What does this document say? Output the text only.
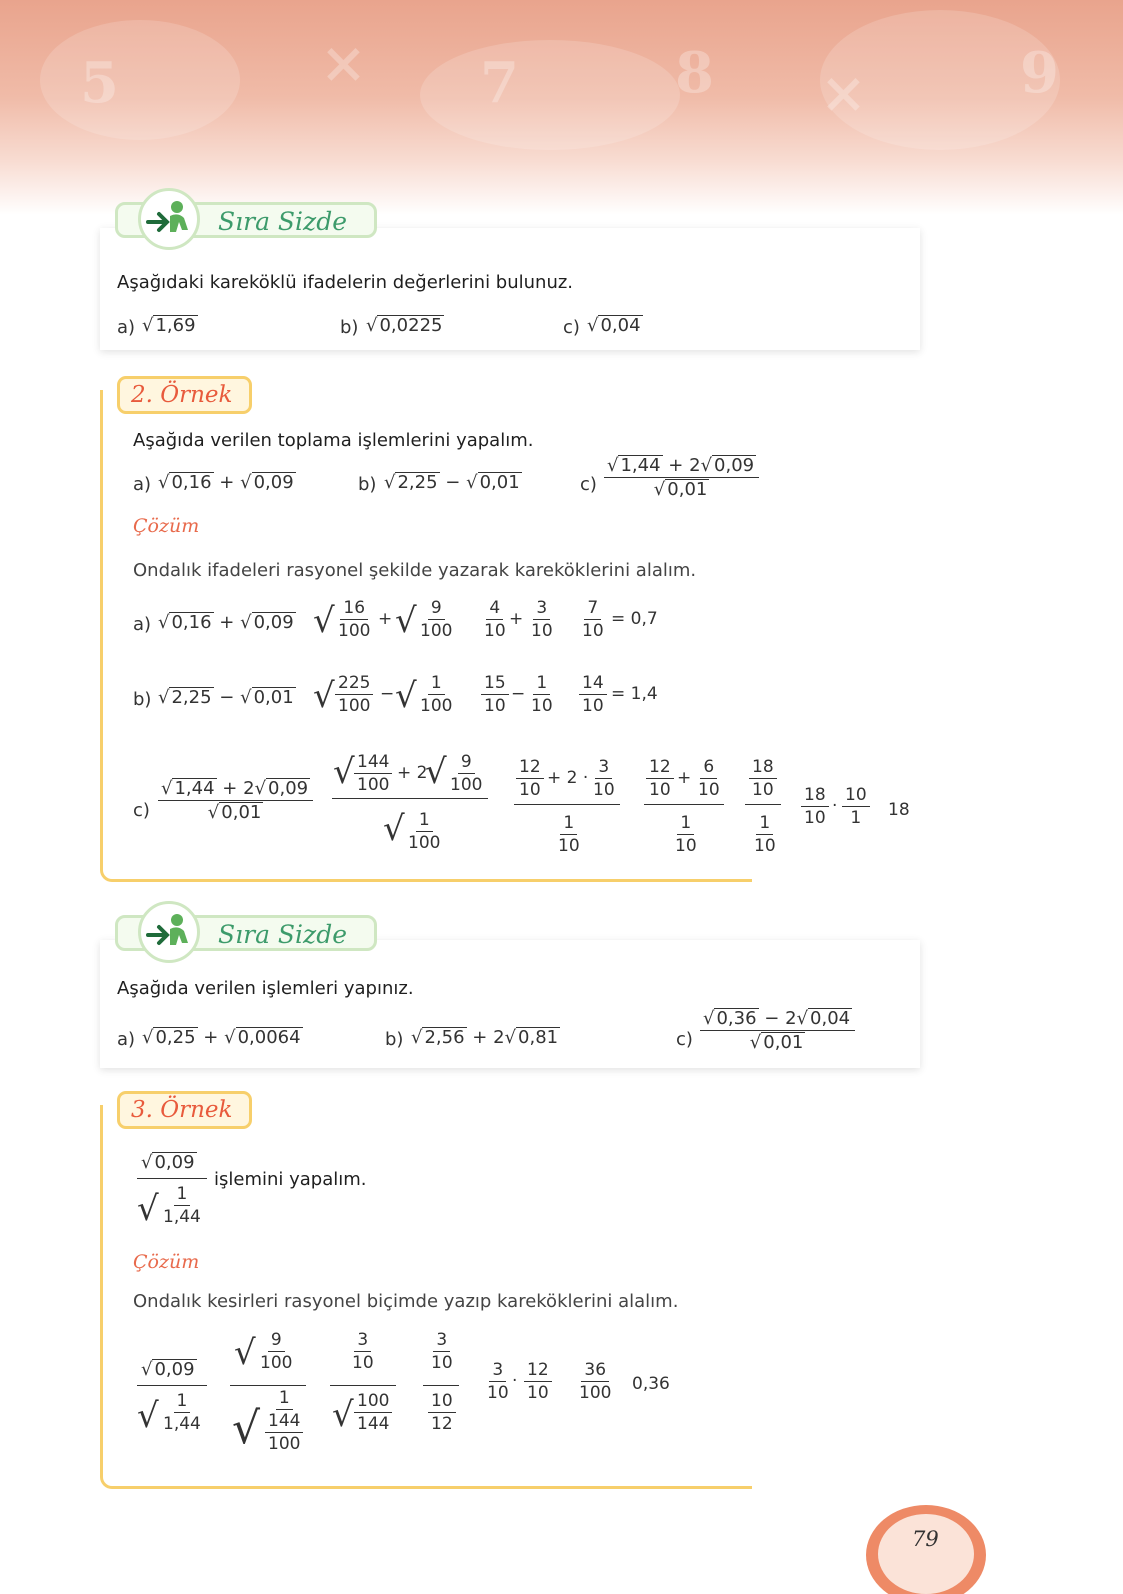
5	× 7	8 ×	9
Sıra Sizde
Aşağıdaki kareköklü ifadelerin değerlerini bulunuz.
a) √ 1,69	b) √ 0,0225	c) √ 0,04
2. Örnek
Aşağıda verilen toplama işlemlerini yapalım.
a) √ 0,16 + √ 0,09	b) √ 2,25 − √ 0,01	c)
√ 1,44 + 2√ 0,09
√ 0,01
Çözüm
Ondalık ifadeleri rasyonel şekilde yazarak kareköklerini alalım.
a) √ 0,16 + √ 0,09 √ 16
100
+ √ 9
100
4
10
+
3
10
7
10
= 0,7
b) √ 2,25 − √ 0,01 √ 225
100
− √ 1
100
15
10
−
1
10
14
10
= 1,4
c)
√ 1,44 + 2√ 0,09
√ 0,01
√ 144
100
+ 2
√ 9
100
√ 1
100
12
10
+ 2 ·
3
10
1
10
12
10
+
6
10
1
10
18
10
1
10
18
10
·
10
1 18
Sıra Sizde
Aşağıda verilen işlemleri yapınız.
a) √ 0,25 + √ 0,0064	b) √ 2,56 + 2√ 0,81	c)
√ 0,36 − 2√ 0,04
√ 0,01
3. Örnek
√ 0,09
√ 1
1,44
işlemini yapalım.
Çözüm
Ondalık kesirleri rasyonel biçimde yazıp kareköklerini alalım.
√ 0,09
√ 1
1,44
√ 9
100
√
1
144
100
3
10
√ 100
144
3
10
10
12
3
10
·
12
10
36
100 0,36
79
